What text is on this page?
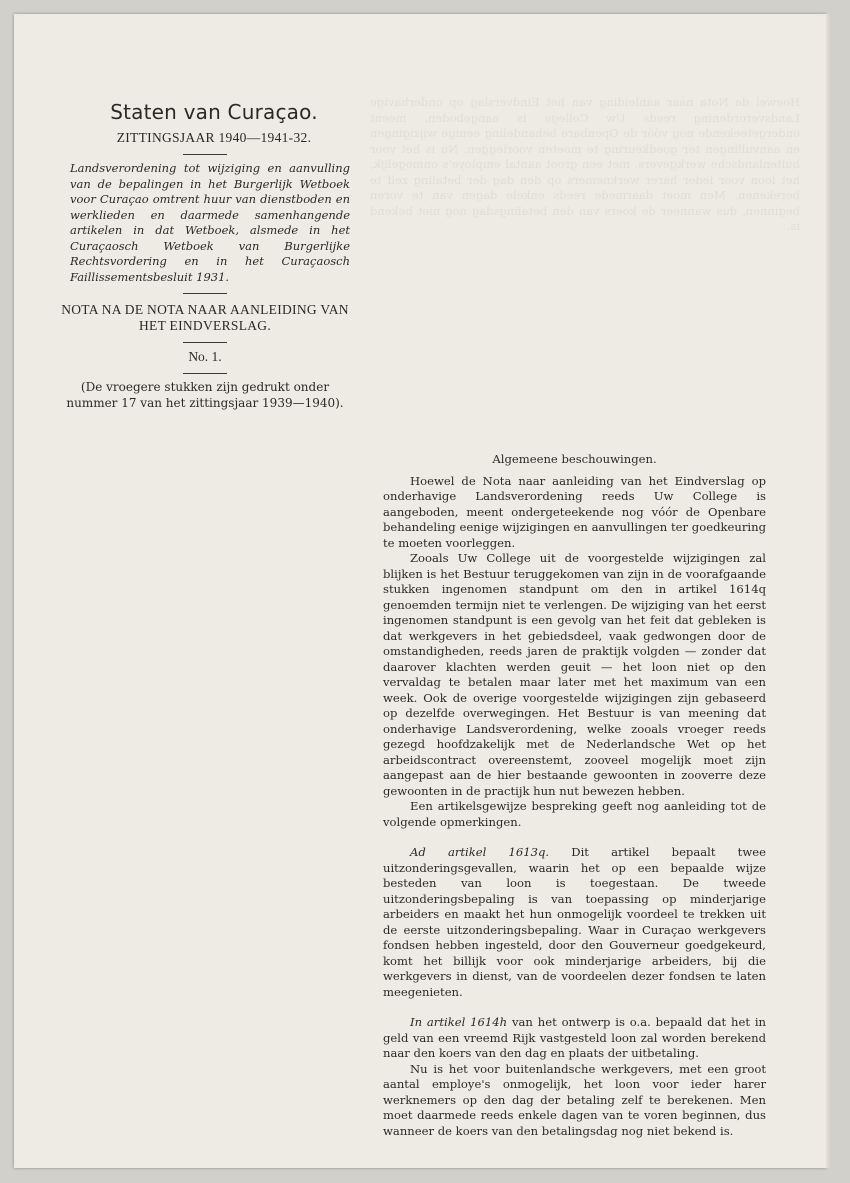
Hoewel de Nota naar aanleiding van het Eindverslag op onderhavige Landsverordening reeds Uw College is aangeboden, meent ondergeteekende nog vóór de Openbare behandeling eenige wijzigingen en aanvullingen ter goedkeuring te moeten voorleggen. Nu is het voor buitenlandsche werkgevers, met een groot aantal employe's onmogelijk, het loon voor ieder harer werknemers op den dag der betaling zelf te berekenen. Men moet daarmede reeds enkele dagen van te voren beginnen, dus wanneer de koers van den betalingsdag nog niet bekend is.
Staten van Curaçao.
ZITTINGSJAAR 1940—1941-32.
Landsverordening tot wijziging en aanvulling van de bepalingen in het Burgerlijk Wetboek voor Curaçao omtrent huur van dienstboden en werklieden en daarmede samenhangende artikelen in dat Wetboek, alsmede in het Curaçaosch Wetboek van Burgerlijke Rechtsvordering en in het Curaçaosch Faillissementsbesluit 1931.
NOTA NA DE NOTA NAAR AANLEIDING VAN HET EINDVERSLAG.
No. 1.
(De vroegere stukken zijn gedrukt onder nummer 17 van het zittingsjaar 1939—1940).
Algemeene beschouwingen.

Hoewel de Nota naar aanleiding van het Eindverslag op onderhavige Landsverordening reeds Uw College is aangeboden, meent ondergeteekende nog vóór de Openbare behandeling eenige wijzigingen en aanvullingen ter goedkeuring te moeten voorleggen.

Zooals Uw College uit de voorgestelde wijzigingen zal blijken is het Bestuur teruggekomen van zijn in de voorafgaande stukken ingenomen standpunt om den in artikel 1614q genoemden termijn niet te verlengen. De wijziging van het eerst ingenomen standpunt is een gevolg van het feit dat gebleken is dat werkgevers in het gebiedsdeel, vaak gedwongen door de omstandigheden, reeds jaren de praktijk volgden — zonder dat daarover klachten werden geuit — het loon niet op den vervaldag te betalen maar later met het maximum van een week. Ook de overige voorgestelde wijzigingen zijn gebaseerd op dezelfde overwegingen. Het Bestuur is van meening dat onderhavige Landsverordening, welke zooals vroeger reeds gezegd hoofdzakelijk met de Nederlandsche Wet op het arbeidscontract overeenstemt, zooveel mogelijk moet zijn aangepast aan de hier bestaande gewoonten in zooverre deze gewoonten in de practijk hun nut bewezen hebben.

Een artikelsgewijze bespreking geeft nog aanleiding tot de volgende opmerkingen.

Ad artikel 1613q. Dit artikel bepaalt twee uitzonderingsgevallen, waarin het op een bepaalde wijze besteden van loon is toegestaan. De tweede uitzonderingsbepaling is van toepassing op minderjarige arbeiders en maakt het hun onmogelijk voordeel te trekken uit de eerste uitzonderingsbepaling. Waar in Curaçao werkgevers fondsen hebben ingesteld, door den Gouverneur goedgekeurd, komt het billijk voor ook minderjarige arbeiders, bij die werkgevers in dienst, van de voordeelen dezer fondsen te laten meegenieten.

In artikel 1614h van het ontwerp is o.a. bepaald dat het in geld van een vreemd Rijk vastgesteld loon zal worden berekend naar den koers van den dag en plaats der uitbetaling.

Nu is het voor buitenlandsche werkgevers, met een groot aantal employe's onmogelijk, het loon voor ieder harer werknemers op den dag der betaling zelf te berekenen. Men moet daarmede reeds enkele dagen van te voren beginnen, dus wanneer de koers van den betalingsdag nog niet bekend is.
